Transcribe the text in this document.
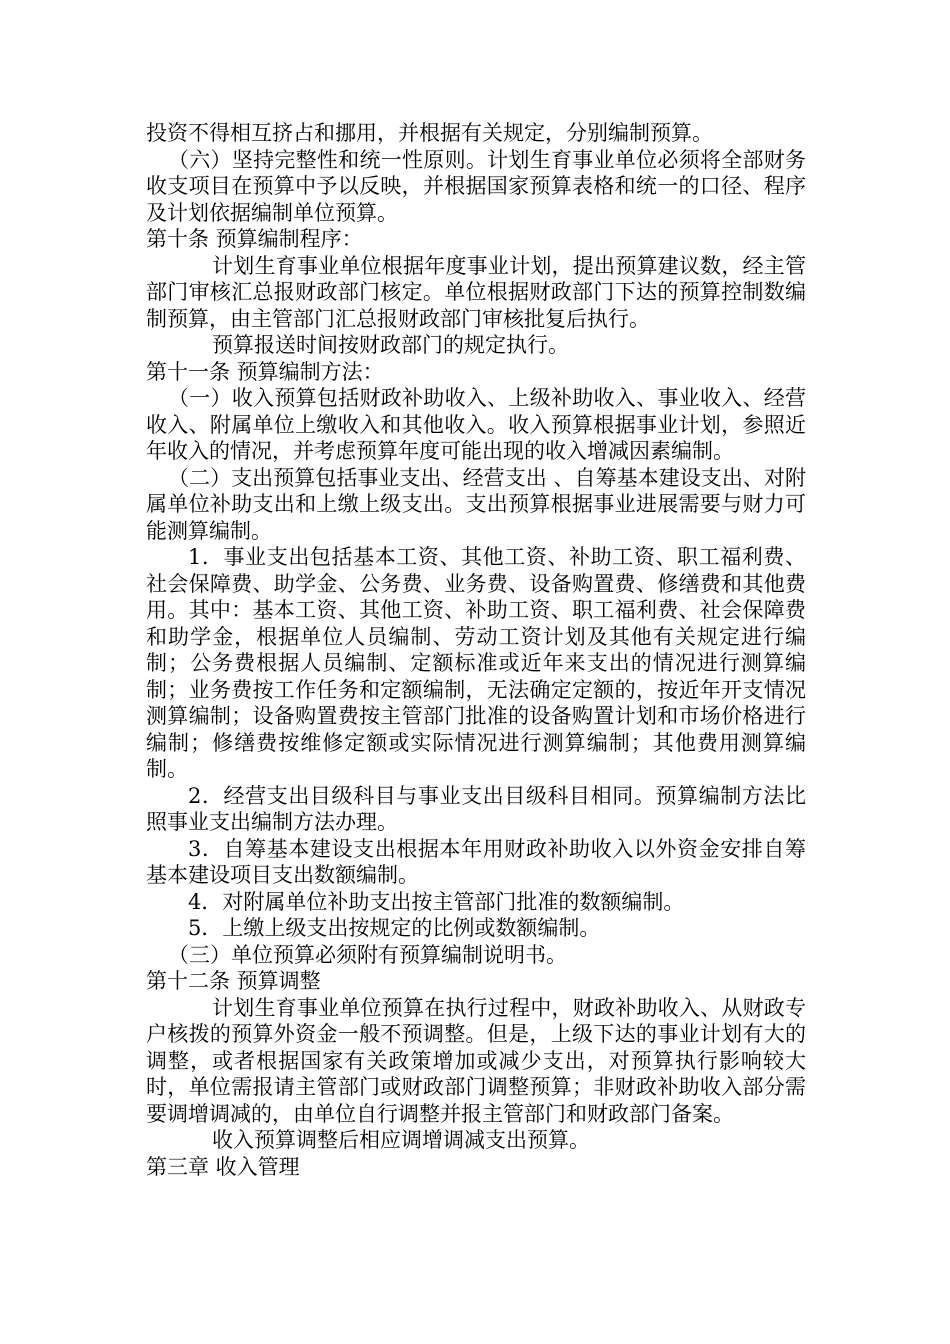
投资不得相互挤占和挪用，并根据有关规定，分别编制预算。

（六）坚持完整性和统一性原则。计划生育事业单位必须将全部财务收支项目在预算中予以反映，并根据国家预算表格和统一的口径、程序及计划依据编制单位预算。

第十条 预算编制程序：

计划生育事业单位根据年度事业计划，提出预算建议数，经主管部门审核汇总报财政部门核定。单位根据财政部门下达的预算控制数编制预算，由主管部门汇总报财政部门审核批复后执行。

预算报送时间按财政部门的规定执行。

第十一条 预算编制方法：

（一）收入预算包括财政补助收入、上级补助收入、事业收入、经营收入、附属单位上缴收入和其他收入。收入预算根据事业计划，参照近年收入的情况，并考虑预算年度可能出现的收入增减因素编制。

（二）支出预算包括事业支出、经营支出 、自筹基本建设支出、对附属单位补助支出和上缴上级支出。支出预算根据事业进展需要与财力可能测算编制。

1．事业支出包括基本工资、其他工资、补助工资、职工福利费、社会保障费、助学金、公务费、业务费、设备购置费、修缮费和其他费用。其中：基本工资、其他工资、补助工资、职工福利费、社会保障费和助学金，根据单位人员编制、劳动工资计划及其他有关规定进行编制；公务费根据人员编制、定额标准或近年来支出的情况进行测算编制；业务费按工作任务和定额编制，无法确定定额的，按近年开支情况测算编制；设备购置费按主管部门批准的设备购置计划和市场价格进行编制；修缮费按维修定额或实际情况进行测算编制；其他费用测算编制。

2．经营支出目级科目与事业支出目级科目相同。预算编制方法比照事业支出编制方法办理。

3．自筹基本建设支出根据本年用财政补助收入以外资金安排自筹基本建设项目支出数额编制。

4．对附属单位补助支出按主管部门批准的数额编制。

5．上缴上级支出按规定的比例或数额编制。

（三）单位预算必须附有预算编制说明书。

第十二条 预算调整

计划生育事业单位预算在执行过程中，财政补助收入、从财政专户核拨的预算外资金一般不预调整。但是，上级下达的事业计划有大的调整，或者根据国家有关政策增加或减少支出，对预算执行影响较大时，单位需报请主管部门或财政部门调整预算；非财政补助收入部分需要调增调减的，由单位自行调整并报主管部门和财政部门备案。

收入预算调整后相应调增调减支出预算。

第三章 收入管理
